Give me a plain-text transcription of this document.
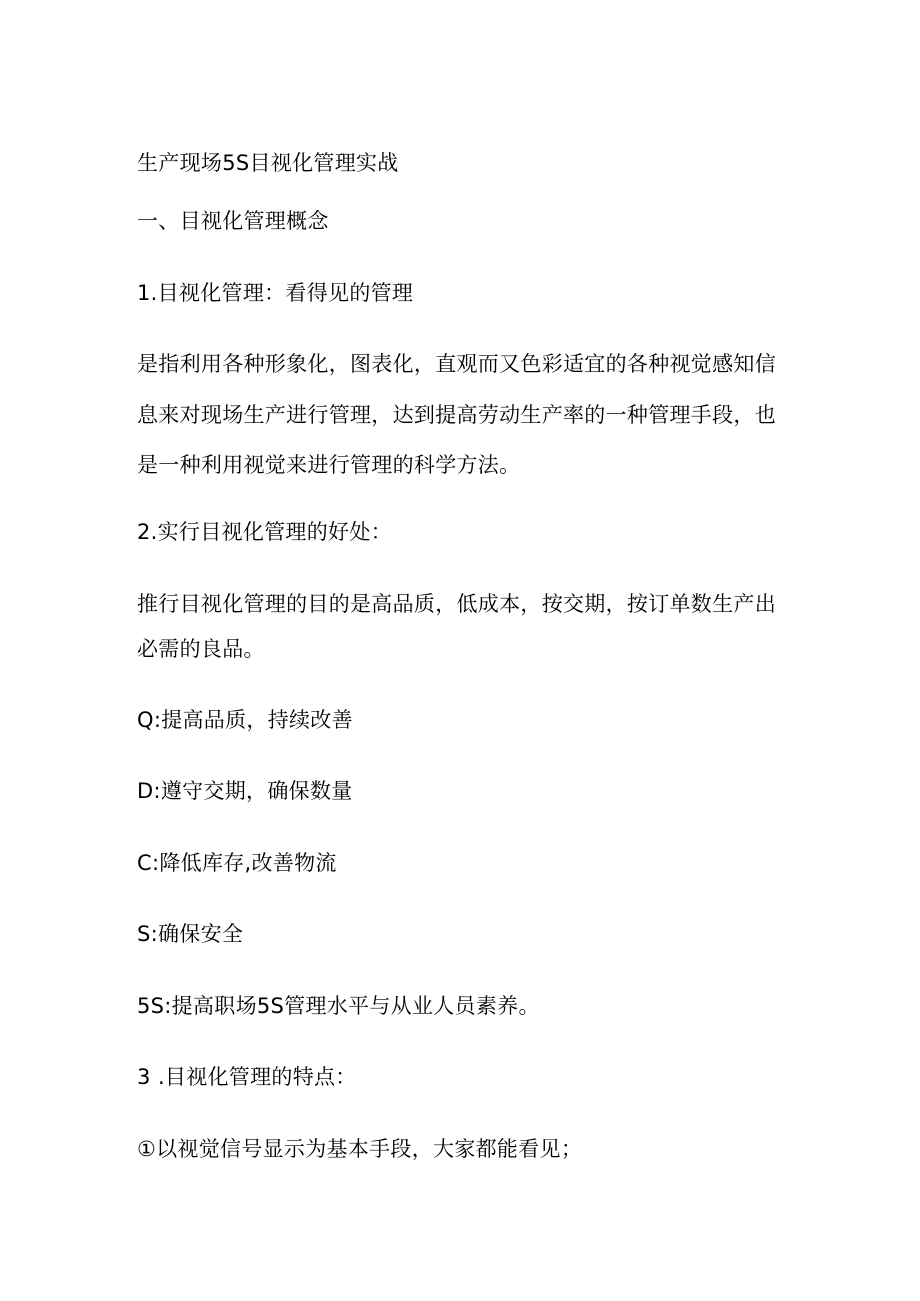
生产现场5S目视化管理实战

一、目视化管理概念

1.目视化管理：看得见的管理

是指利用各种形象化，图表化，直观而又色彩适宜的各种视觉感知信

息来对现场生产进行管理，达到提高劳动生产率的一种管理手段，也

是一种利用视觉来进行管理的科学方法。

2.实行目视化管理的好处：

推行目视化管理的目的是高品质，低成本，按交期，按订单数生产出

必需的良品。

Q:提高品质，持续改善

D:遵守交期，确保数量

C:降低库存,改善物流

S:确保安全

5S:提高职场5S管理水平与从业人员素养。

3	.目视化管理的特点：

①以视觉信号显示为基本手段，大家都能看见；
